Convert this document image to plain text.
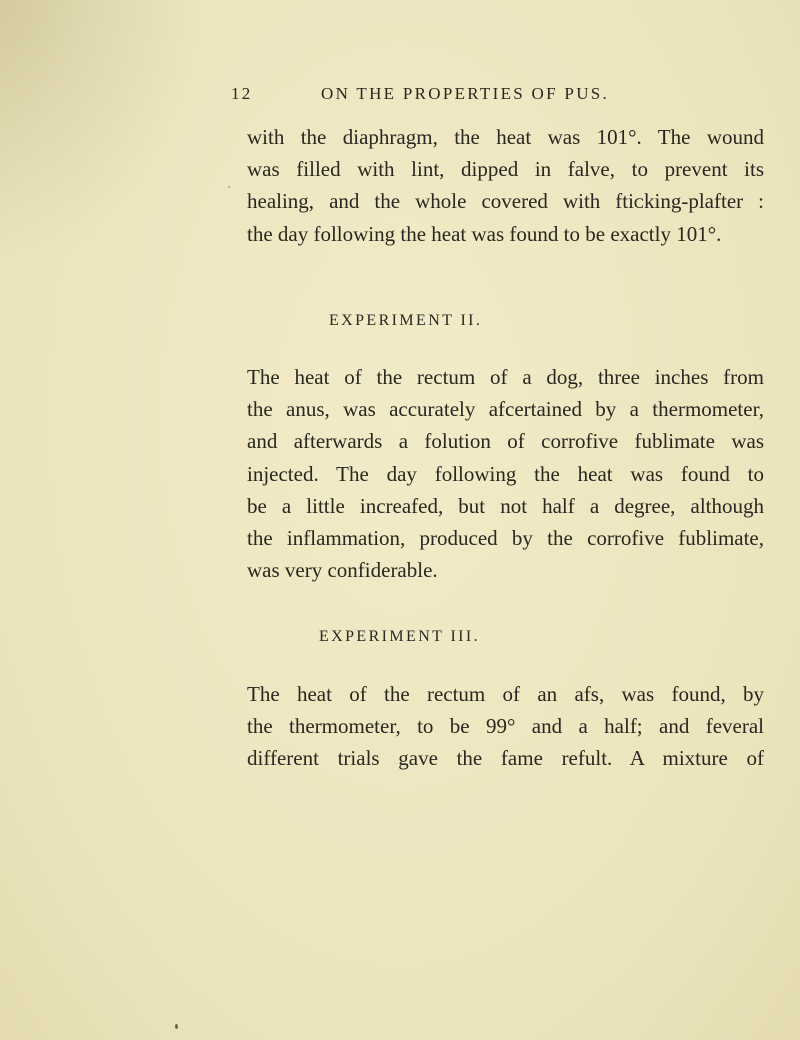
12	ON THE PROPERTIES OF PUS.
with the diaphragm, the heat was 101°. The wound
was filled with lint, dipped in falve, to prevent its
healing, and the whole covered with ftiᴄking-plafter :
the day following the heat was found to be exactly 101°.
EXPERIMENT II.
The heat of the rectum of a dog, three inches from
the anus, was accurately afcertained by a thermometer,
and afterwards a folution of corrofive fublimate was
injected. The day following the heat was found to
be a little increafed, but not half a degree, although
the inflammation, produced by the corrofive fublimate,
was very confiderable.
EXPERIMENT III.
The heat of the rectum of an afs, was found, by
the thermometer, to be 99° and a half; and feveral
different trials gave the fame refult. A mixture of
